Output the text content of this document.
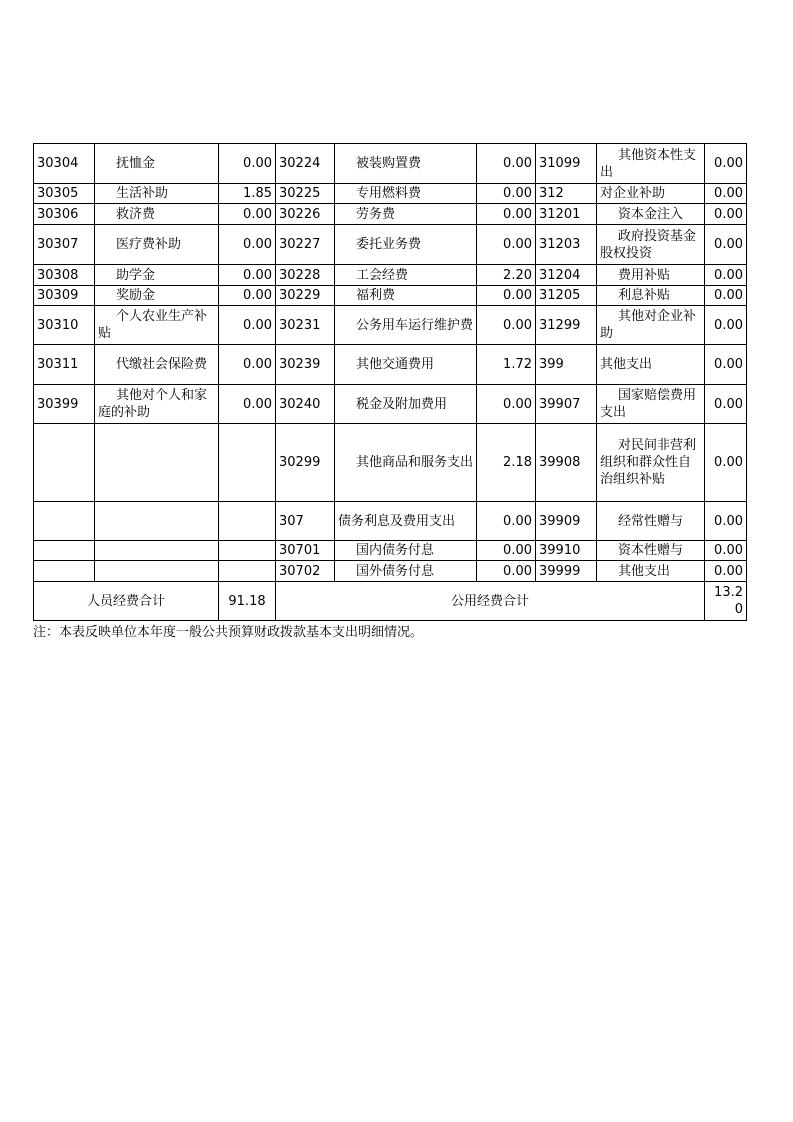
30304	抚恤金	0.00	30224	被装购置费	0.00	31099	其他资本性支出	0.00
30305	生活补助	1.85	30225	专用燃料费	0.00	312	对企业补助	0.00
30306	救济费	0.00	30226	劳务费	0.00	31201	资本金注入	0.00
30307	医疗费补助	0.00	30227	委托业务费	0.00	31203	政府投资基金股权投资	0.00
30308	助学金	0.00	30228	工会经费	2.20	31204	费用补贴	0.00
30309	奖励金	0.00	30229	福利费	0.00	31205	利息补贴	0.00
30310	个人农业生产补贴	0.00	30231	公务用车运行维护费	0.00	31299	其他对企业补助	0.00
30311	代缴社会保险费	0.00	30239	其他交通费用	1.72	399	其他支出	0.00
30399	其他对个人和家庭的补助	0.00	30240	税金及附加费用	0.00	39907	国家赔偿费用支出	0.00
			30299	其他商品和服务支出	2.18	39908	对民间非营利组织和群众性自治组织补贴	0.00
			307	债务利息及费用支出	0.00	39909	经常性赠与	0.00
			30701	国内债务付息	0.00	39910	资本性赠与	0.00
			30702	国外债务付息	0.00	39999	其他支出	0.00
人员经费合计		91.18	公用经费合计					13.20
注：本表反映单位本年度一般公共预算财政拨款基本支出明细情况。
